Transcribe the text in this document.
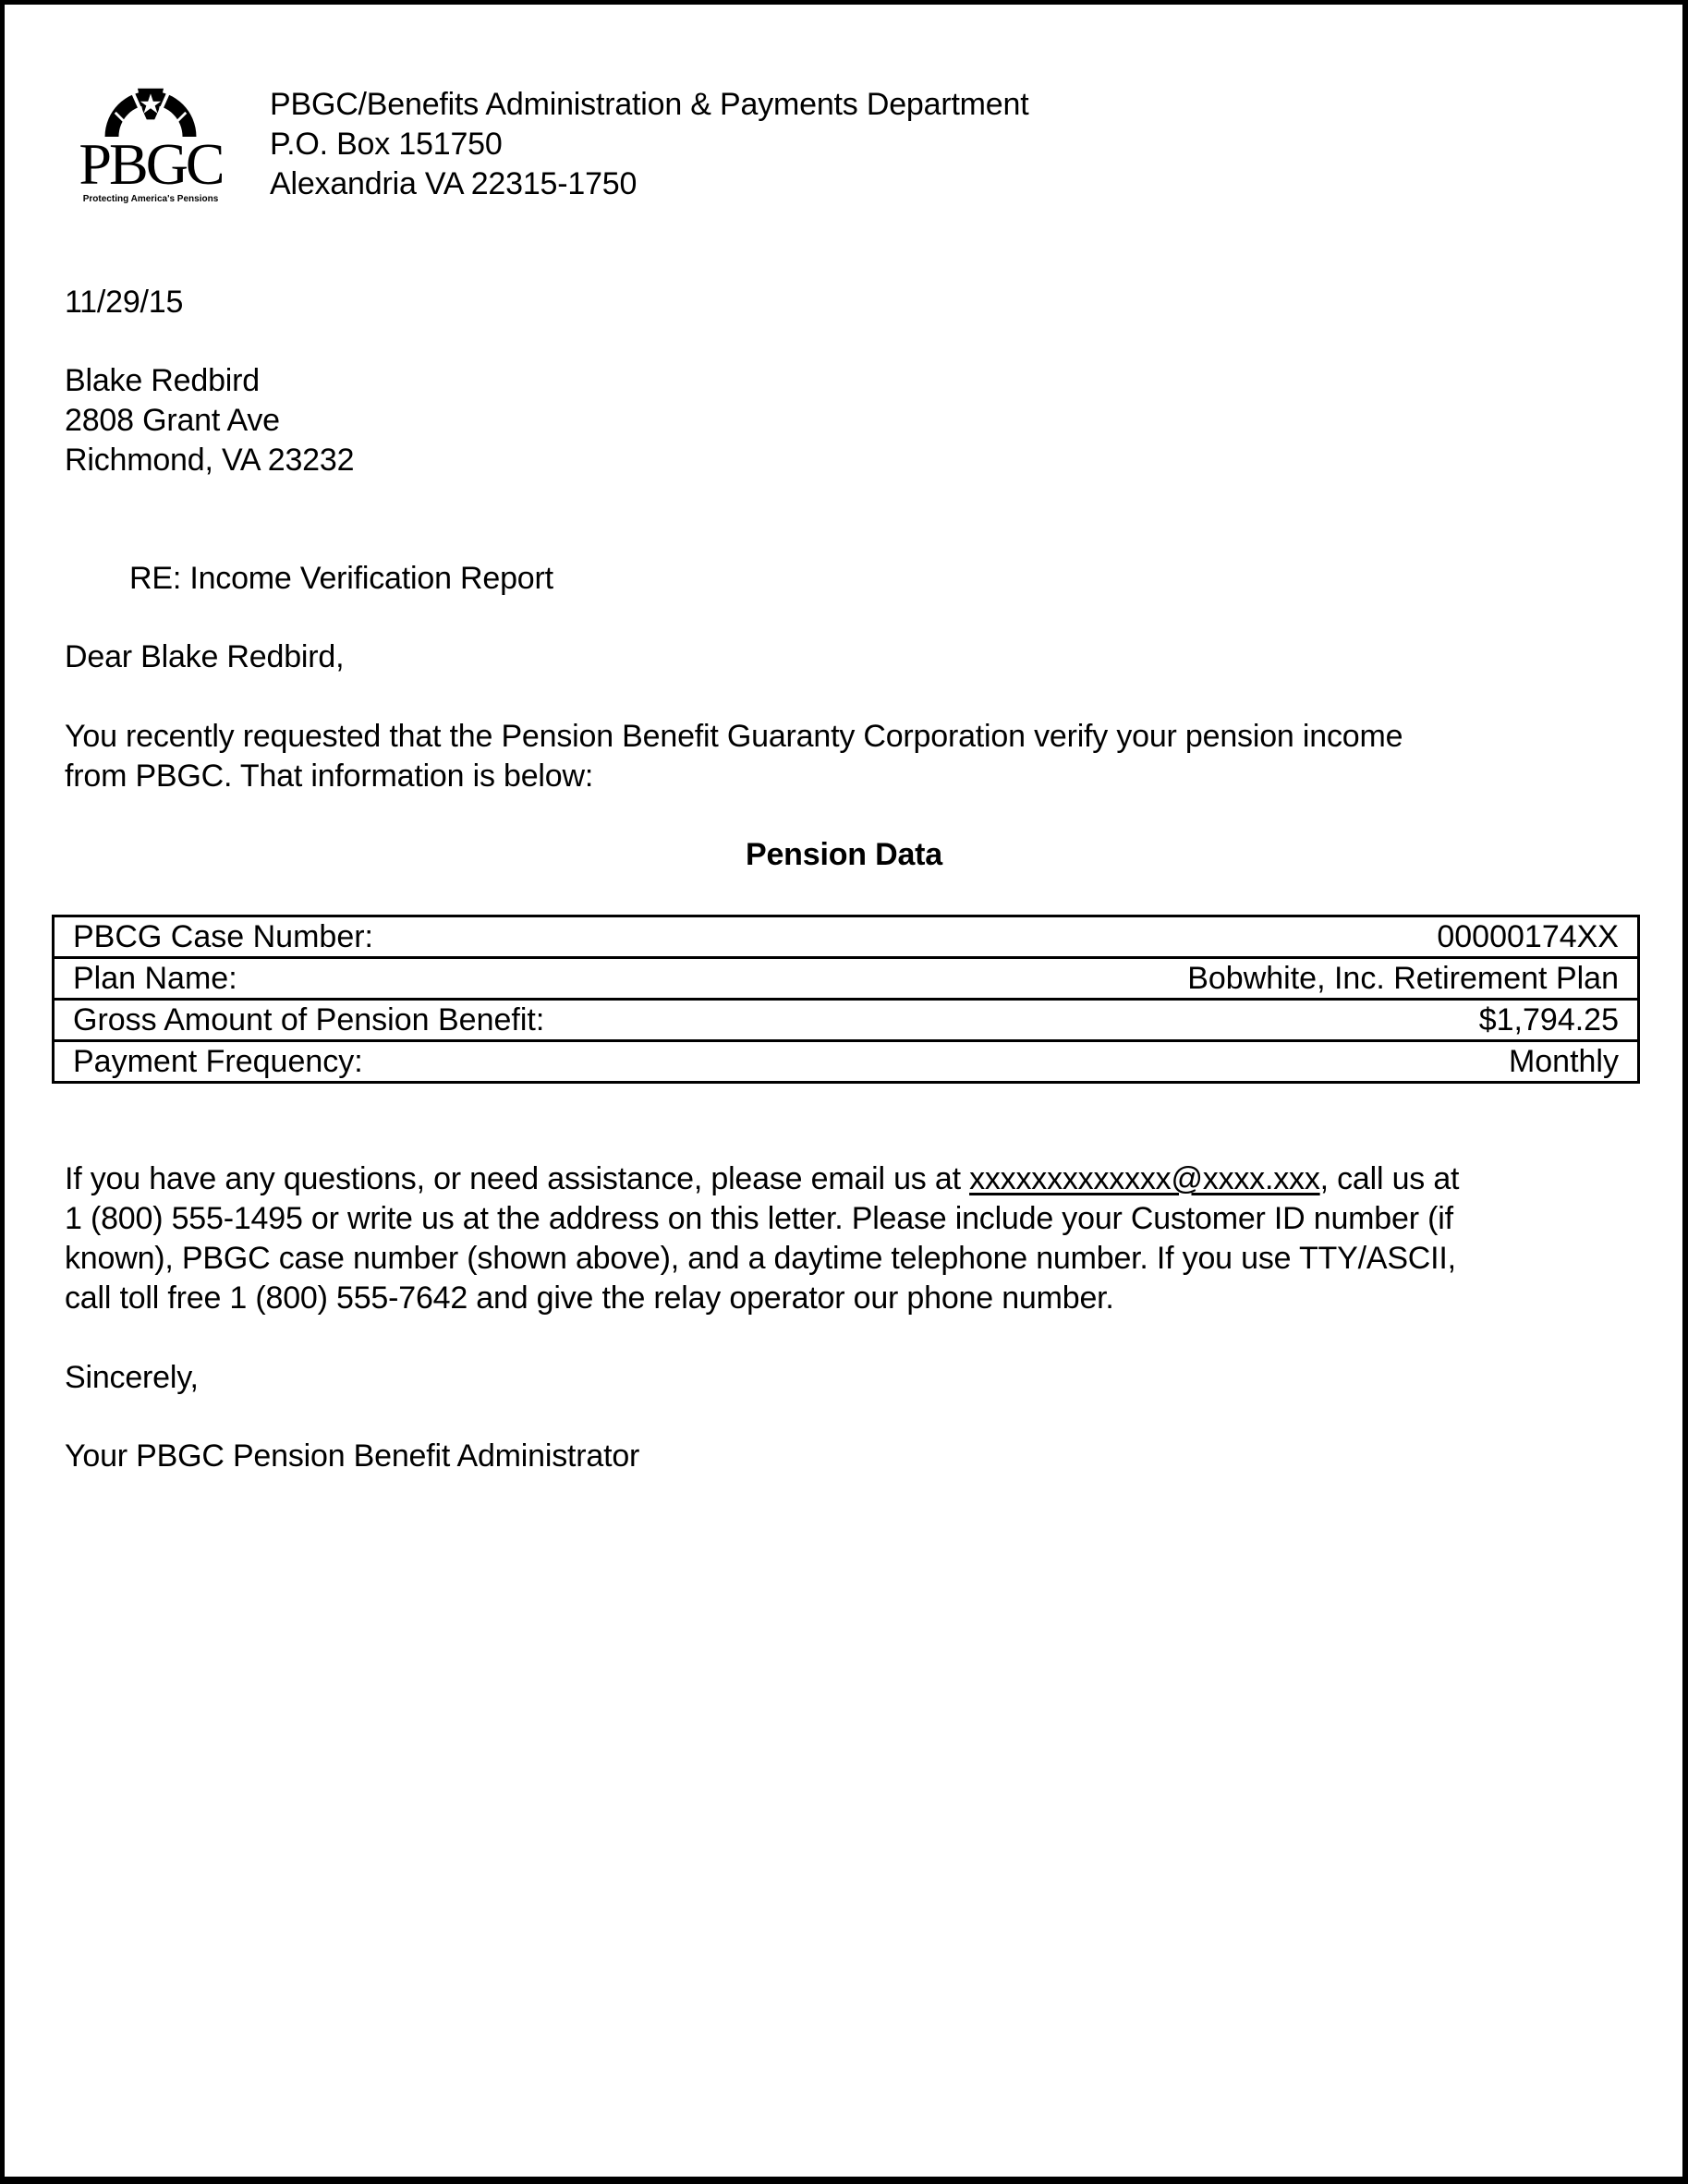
PBGC
Protecting America's Pensions
PBGC/Benefits Administration & Payments Department
P.O. Box 151750
Alexandria VA 22315-1750
11/29/15
Blake Redbird
2808 Grant Ave
Richmond, VA 23232
RE: Income Verification Report
Dear Blake Redbird,
You recently requested that the Pension Benefit Guaranty Corporation verify your pension income
from PBGC. That information is below:
Pension Data
PBCG Case Number:	00000174XX
Plan Name:	Bobwhite, Inc. Retirement Plan
Gross Amount of Pension Benefit:	$1,794.25
Payment Frequency:	Monthly
If you have any questions, or need assistance, please email us at xxxxxxxxxxxxx@xxxx.xxx, call us at
1 (800) 555-1495 or write us at the address on this letter. Please include your Customer ID number (if
known), PBGC case number (shown above), and a daytime telephone number. If you use TTY/ASCII,
call toll free 1 (800) 555-7642 and give the relay operator our phone number.
Sincerely,
Your PBGC Pension Benefit Administrator
